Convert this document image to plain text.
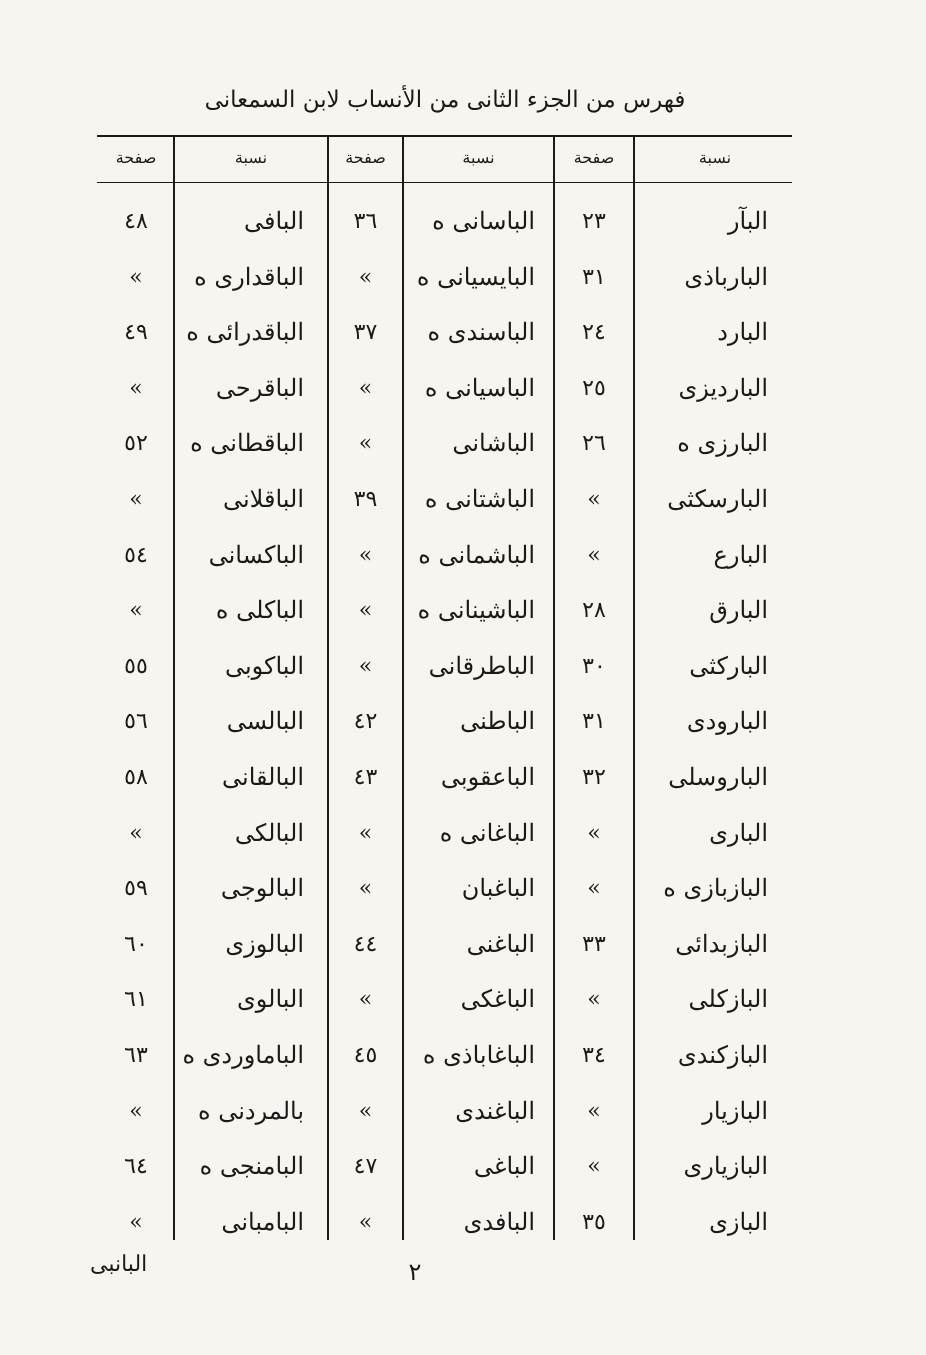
فهرس من الجزء الثانى من الأنساب لابن السمعانى
نسبة
صفحة
نسبة
صفحة
نسبة
صفحة
البآر
٢٣
الباسانى ه
٣٦
البافى
٤٨
البارباذى
٣١
البايسيانى ه
»
الباقدارى ه
»
البارد
٢٤
الباسندى ه
٣٧
الباقدرائى ه
٤٩
البارديزى
٢٥
الباسيانى ه
»
الباقرحى
»
البارزى ه
٢٦
الباشانى
»
الباقطانى ه
٥٢
البارسكثى
»
الباشتانى ه
٣٩
الباقلانى
»
البارع
»
الباشمانى ه
»
الباكسانى
٥٤
البارق
٢٨
الباشينانى ه
»
الباكلى ه
»
الباركثى
٣٠
الباطرقانى
»
الباكوبى
٥٥
البارودى
٣١
الباطنى
٤٢
البالسى
٥٦
الباروسلى
٣٢
الباعقوبى
٤٣
البالقانى
٥٨
البارى
»
الباغانى ه
»
البالكى
»
البازبازى ه
»
الباغبان
»
البالوجى
٥٩
البازبدائى
٣٣
الباغنى
٤٤
البالوزى
٦٠
البازكلى
»
الباغكى
»
البالوى
٦١
البازكندى
٣٤
الباغاباذى ه
٤٥
الباماوردى ه
٦٣
البازيار
»
الباغندى
»
بالمردنى ه
»
البازيارى
»
الباغى
٤٧
البامنجى ه
٦٤
البازى
٣٥
البافدى
»
البامبانى
»
البانبى	٢
